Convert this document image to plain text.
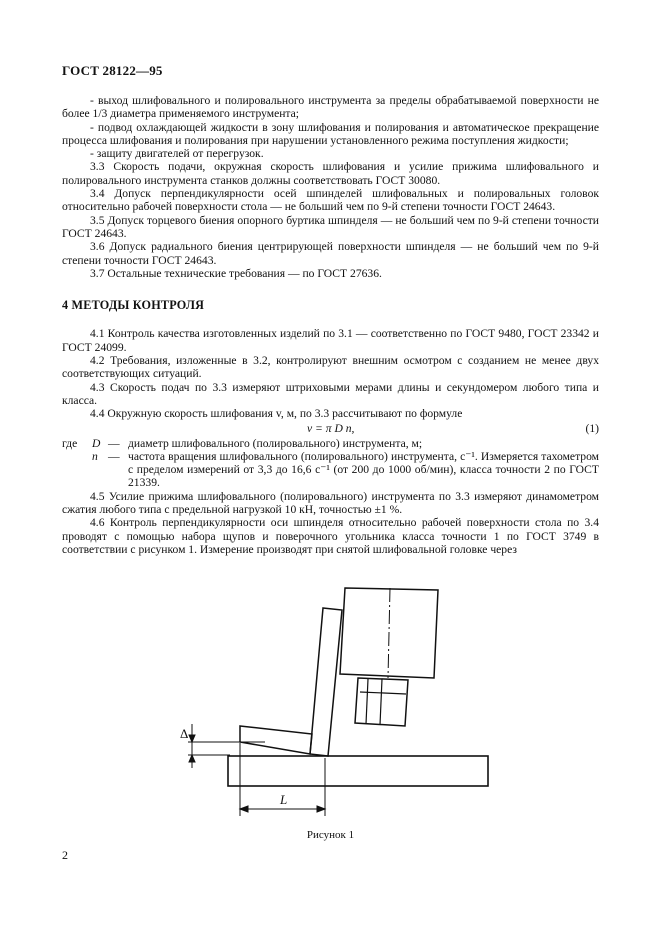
ГОСТ 28122—95

- выход шлифовального и полировального инструмента за пределы обрабатываемой поверхности не более 1/3 диаметра применяемого инструмента;

- подвод охлаждающей жидкости в зону шлифования и полирования и автоматическое прекращение процесса шлифования и полирования при нарушении установленного режима поступления жидкости;

- защиту двигателей от перегрузок.

3.3 Скорость подачи, окружная скорость шлифования и усилие прижима шлифовального и полировального инструмента станков должны соответствовать ГОСТ 30080.

3.4 Допуск перпендикулярности осей шпинделей шлифовальных и полировальных головок относительно рабочей поверхности стола — не больший чем по 9-й степени точности ГОСТ 24643.

3.5 Допуск торцевого биения опорного буртика шпинделя — не больший чем по 9-й степени точности ГОСТ 24643.

3.6 Допуск радиального биения центрирующей поверхности шпинделя — не больший чем по 9-й степени точности ГОСТ 24643.

3.7 Остальные технические требования — по ГОСТ 27636.

4 МЕТОДЫ КОНТРОЛЯ

4.1 Контроль качества изготовленных изделий по 3.1 — соответственно по ГОСТ 9480, ГОСТ 23342 и ГОСТ 24099.

4.2 Требования, изложенные в 3.2, контролируют внешним осмотром с созданием не менее двух соответствующих ситуаций.

4.3 Скорость подач по 3.3 измеряют штриховыми мерами длины и секундомером любого типа и класса.

4.4 Окружную скорость шлифования v, м, по 3.3 рассчитывают по формуле

v = π D n,	(1)
где	D — диаметр шлифовального (полировального) инструмента, м;
n — частота вращения шлифовального (полировального) инструмента, с⁻¹. Измеряется тахометром с пределом измерений от 3,3 до 16,6 с⁻¹ (от 200 до 1000 об/мин), класса точности 2 по ГОСТ 21339.

4.5 Усилие прижима шлифовального (полировального) инструмента по 3.3 измеряют динамометром сжатия любого типа с предельной нагрузкой 10 кН, точностью ±1 %.

4.6 Контроль перпендикулярности оси шпинделя относительно рабочей поверхности стола по 3.4 проводят с помощью набора щупов и поверочного угольника класса точности 1 по ГОСТ 3749 в соответствии с рисунком 1. Измерение производят при снятой шлифовальной головке через

Δ
L
Рисунок 1
2
